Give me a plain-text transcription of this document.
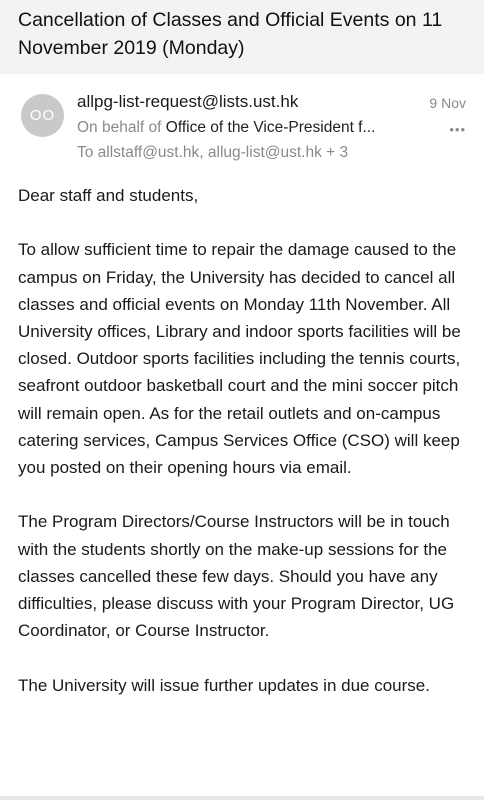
Cancellation of Classes and Official Events on 11 November 2019 (Monday)
OO
allpg-list-request@lists.ust.hk	9 Nov
On behalf of Office of the Vice-President f...	•••
To allstaff@ust.hk, allug-list@ust.hk + 3

Dear staff and students,

To allow sufficient time to repair the damage caused to the campus on Friday, the University has decided to cancel all classes and official events on Monday 11th November. All University offices, Library and indoor sports facilities will be closed. Outdoor sports facilities including the tennis courts, seafront outdoor basketball court and the mini soccer pitch will remain open. As for the retail outlets and on-campus catering services, Campus Services Office (CSO) will keep you posted on their opening hours via email.

The Program Directors/Course Instructors will be in touch with the students shortly on the make-up sessions for the classes cancelled these few days. Should you have any difficulties, please discuss with your Program Director, UG Coordinator, or Course Instructor.

The University will issue further updates in due course.
